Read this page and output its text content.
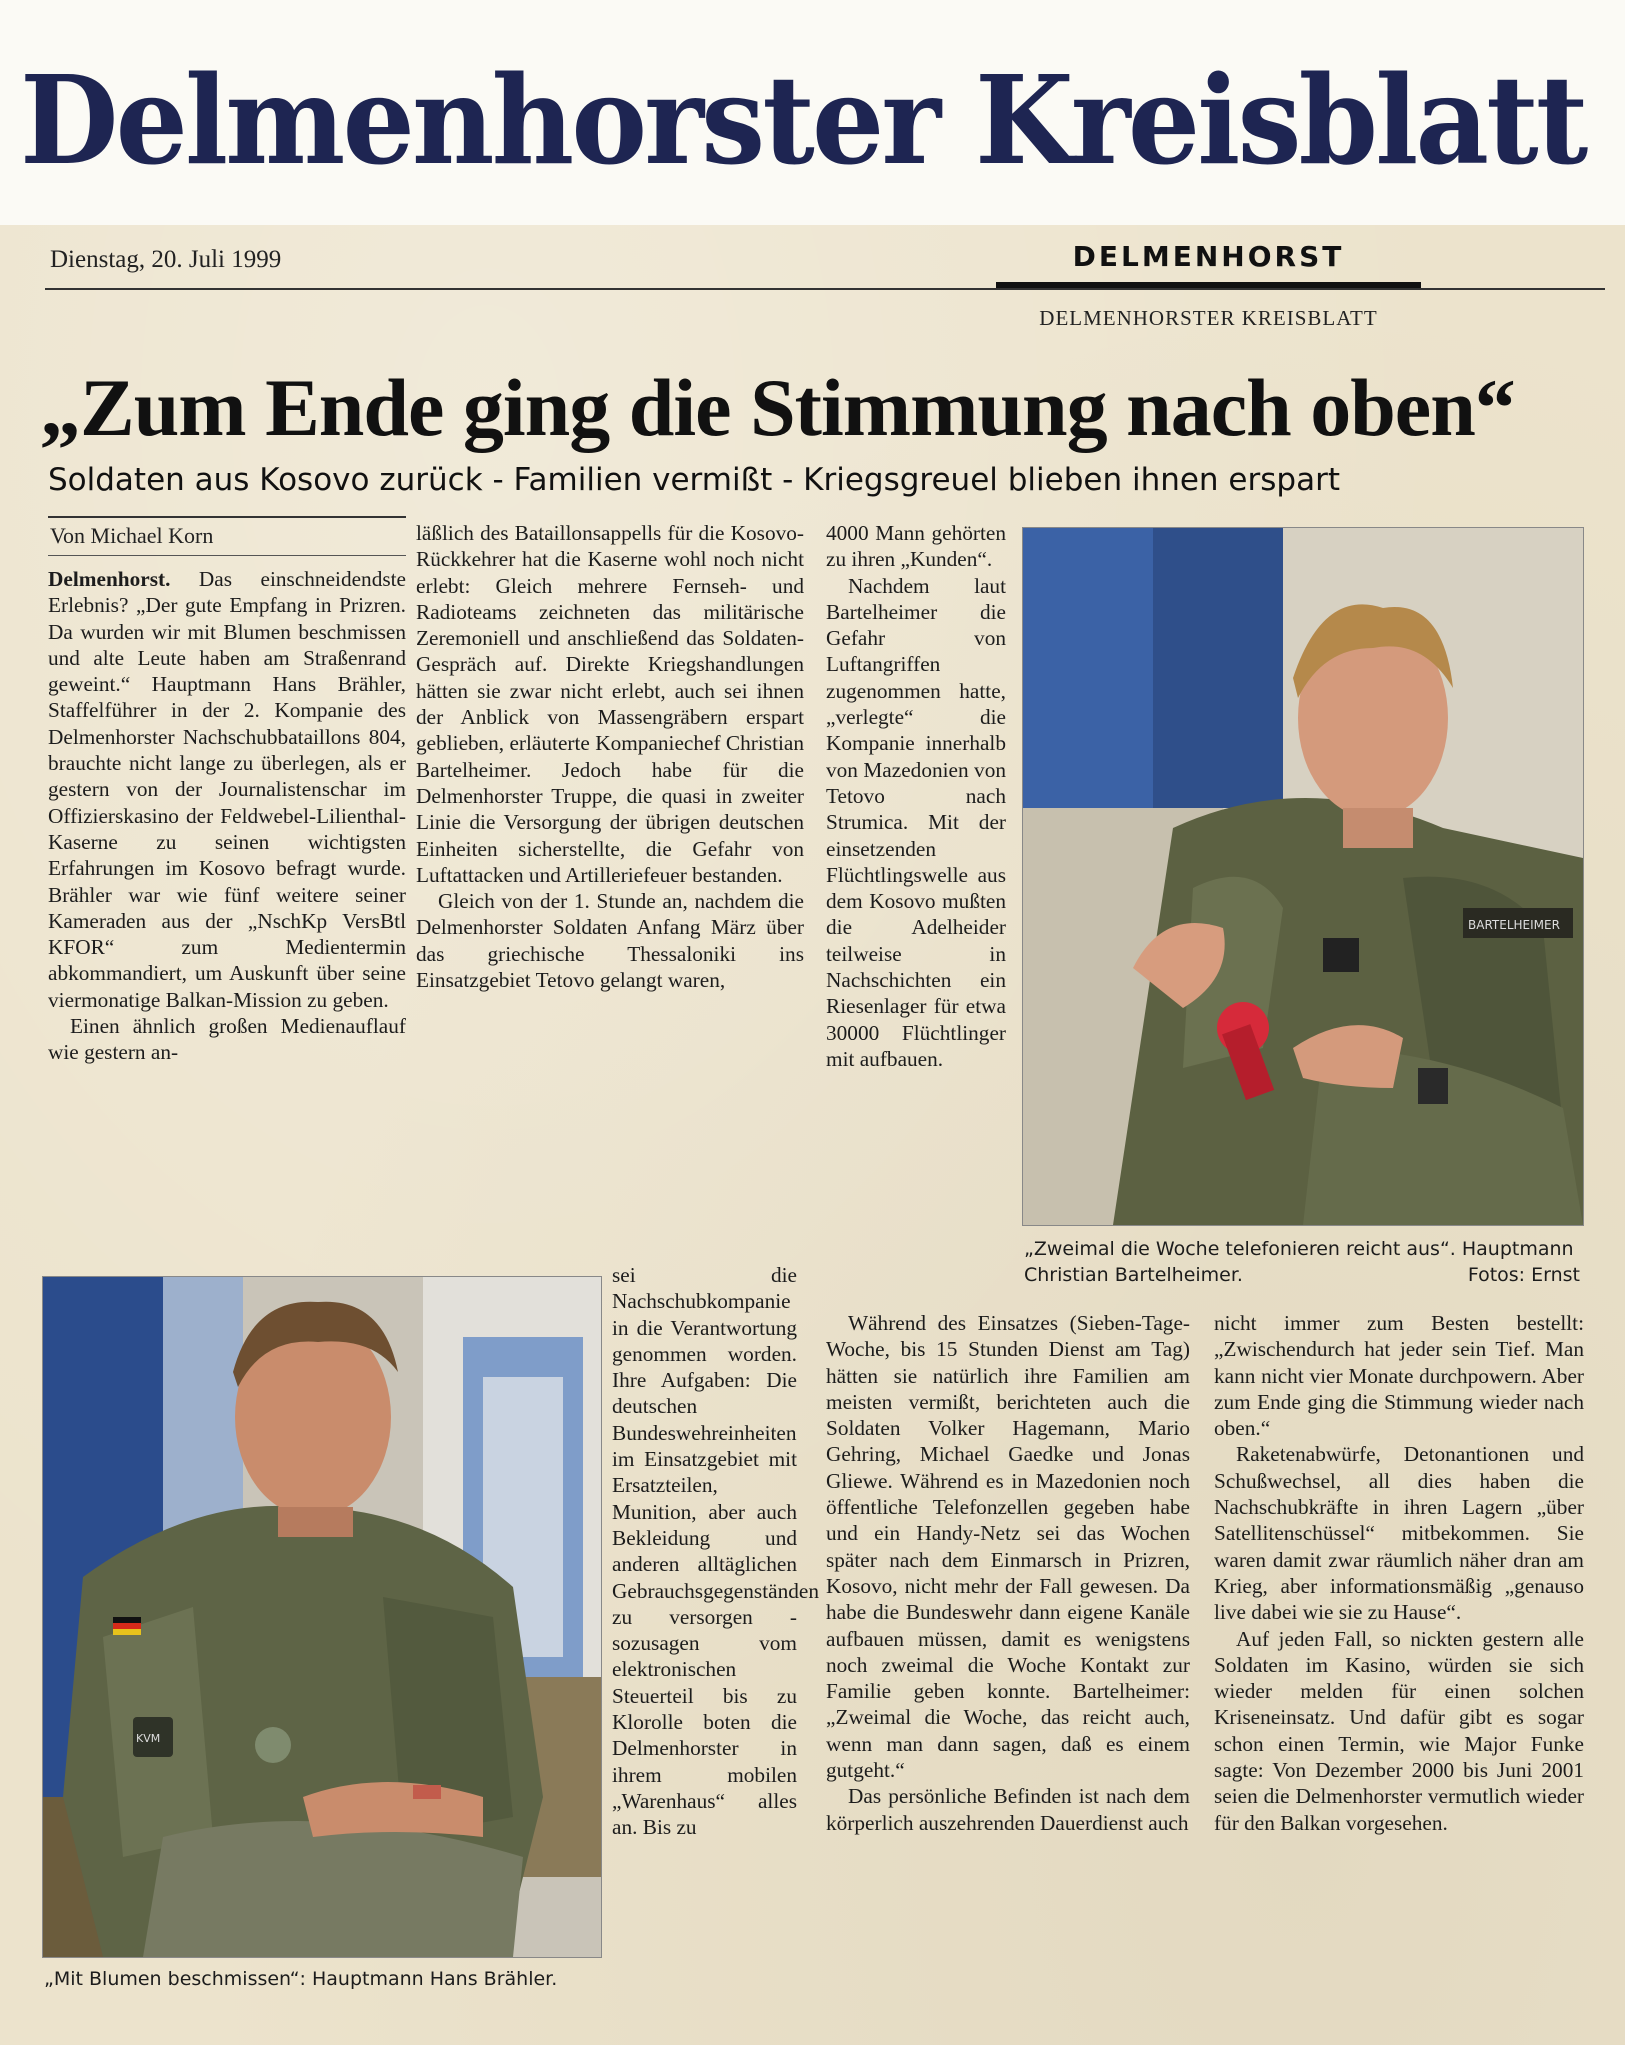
Delmenhorster Kreisblatt
Dienstag, 20. Juli 1999	DELMENHORST
DELMENHORSTER KREISBLATT
„Zum Ende ging die Stimmung nach oben“
Soldaten aus Kosovo zurück - Familien vermißt - Kriegsgreuel blieben ihnen erspart
Von Michael Korn

Delmenhorst. Das einschneidendste Erlebnis? „Der gute Empfang in Prizren. Da wurden wir mit Blumen beschmissen und alte Leute haben am Straßenrand geweint.“ Hauptmann Hans Brähler, Staffelführer in der 2. Kompanie des Delmenhorster Nachschubbataillons 804, brauchte nicht lange zu überlegen, als er gestern von der Journalistenschar im Offizierskasino der Feldwebel-Lilienthal-Kaserne zu seinen wichtigsten Erfahrungen im Kosovo befragt wurde. Brähler war wie fünf weitere seiner Kameraden aus der „NschKp VersBtl KFOR“ zum Medientermin abkommandiert, um Auskunft über seine viermonatige Balkan-Mission zu geben.

Einen ähnlich großen Medienauflauf wie gestern an-

läßlich des Bataillonsappells für die Kosovo-Rückkehrer hat die Kaserne wohl noch nicht erlebt: Gleich mehrere Fernseh- und Radioteams zeichneten das militärische Zeremoniell und anschließend das Soldaten-Gespräch auf. Direkte Kriegshandlungen hätten sie zwar nicht erlebt, auch sei ihnen der Anblick von Massengräbern erspart geblieben, erläuterte Kompaniechef Christian Bartelheimer. Jedoch habe für die Delmenhorster Truppe, die quasi in zweiter Linie die Versorgung der übrigen deutschen Einheiten sicherstellte, die Gefahr von Luftattacken und Artilleriefeuer bestanden.

Gleich von der 1. Stunde an, nachdem die Delmenhorster Soldaten Anfang März über das griechische Thessaloniki ins Einsatzgebiet Tetovo gelangt waren,

sei die Nachschubkompanie in die Verantwortung genommen worden. Ihre Aufgaben: Die deutschen Bundeswehreinheiten im Einsatzgebiet mit Ersatzteilen, Munition, aber auch Bekleidung und anderen alltäglichen Gebrauchsgegenständen zu versorgen - sozusagen vom elektronischen Steuerteil bis zu Klorolle boten die Delmenhorster in ihrem mobilen „Warenhaus“ alles an. Bis zu

4000 Mann gehörten zu ihren „Kunden“.

Nachdem laut Bartelheimer die Gefahr von Luftangriffen zugenommen hatte, „verlegte“ die Kompanie innerhalb von Mazedonien von Tetovo nach Strumica. Mit der einsetzenden Flüchtlingswelle aus dem Kosovo mußten die Adelheider teilweise in Nachschichten ein Riesenlager für etwa 30000 Flüchtlinger mit aufbauen.

Während des Einsatzes (Sieben-Tage-Woche, bis 15 Stunden Dienst am Tag) hätten sie natürlich ihre Familien am meisten vermißt, berichteten auch die Soldaten Volker Hagemann, Mario Gehring, Michael Gaedke und Jonas Gliewe. Während es in Mazedonien noch öffentliche Telefonzellen gegeben habe und ein Handy-Netz sei das Wochen später nach dem Einmarsch in Prizren, Kosovo, nicht mehr der Fall gewesen. Da habe die Bundeswehr dann eigene Kanäle aufbauen müssen, damit es wenigstens noch zweimal die Woche Kontakt zur Familie geben konnte. Bartelheimer: „Zweimal die Woche, das reicht auch, wenn man dann sagen, daß es einem gutgeht.“

Das persönliche Befinden ist nach dem körperlich auszehrenden Dauerdienst auch

nicht immer zum Besten bestellt: „Zwischendurch hat jeder sein Tief. Man kann nicht vier Monate durchpowern. Aber zum Ende ging die Stimmung wieder nach oben.“

Raketenabwürfe, Detonantionen und Schußwechsel, all dies haben die Nachschubkräfte in ihren Lagern „über Satellitenschüssel“ mitbekommen. Sie waren damit zwar räumlich näher dran am Krieg, aber informationsmäßig „genauso live dabei wie sie zu Hause“.

Auf jeden Fall, so nickten gestern alle Soldaten im Kasino, würden sie sich wieder melden für einen solchen Kriseneinsatz. Und dafür gibt es sogar schon einen Termin, wie Major Funke sagte: Von Dezember 2000 bis Juni 2001 seien die Delmenhorster vermutlich wieder für den Balkan vorgesehen.

BARTELHEIMER
„Zweimal die Woche telefonieren reicht aus“. Hauptmann Christian Bartelheimer.	Fotos: Ernst
KVM
„Mit Blumen beschmissen“: Hauptmann Hans Brähler.
